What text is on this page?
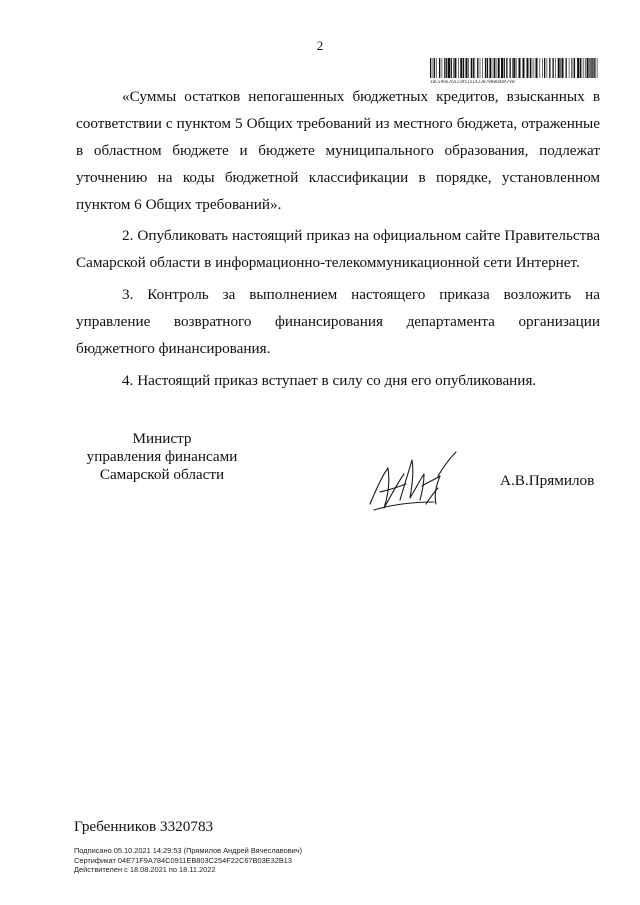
2
IDCS9667652395151423879B0048A7VB

«Суммы остатков непогашенных бюджетных кредитов, взысканных в соответствии с пунктом 5 Общих требований из местного бюджета, отраженные в областном бюджете и бюджете муниципального образования, подлежат уточнению на коды бюджетной классификации в порядке, установленном пунктом 6 Общих требований».

2. Опубликовать настоящий приказ на официальном сайте Правительства Самарской области в информационно-телекоммуникационной сети Интернет.

3. Контроль за выполнением настоящего приказа возложить на управление возвратного финансирования департамента организации бюджетного финансирования.

4. Настоящий приказ вступает в силу со дня его опубликования.

Министр
управления финансами
Самарской области	А.В.Прямилов
Гребенников 3320783
Подписано 05.10.2021 14:29:53 (Прямилов Андрей Вячеславович)
Сертификат 04E71F9A784C0911EB803C254F22C67B03E32B13
Действителен с 18.08.2021 по 18.11.2022
